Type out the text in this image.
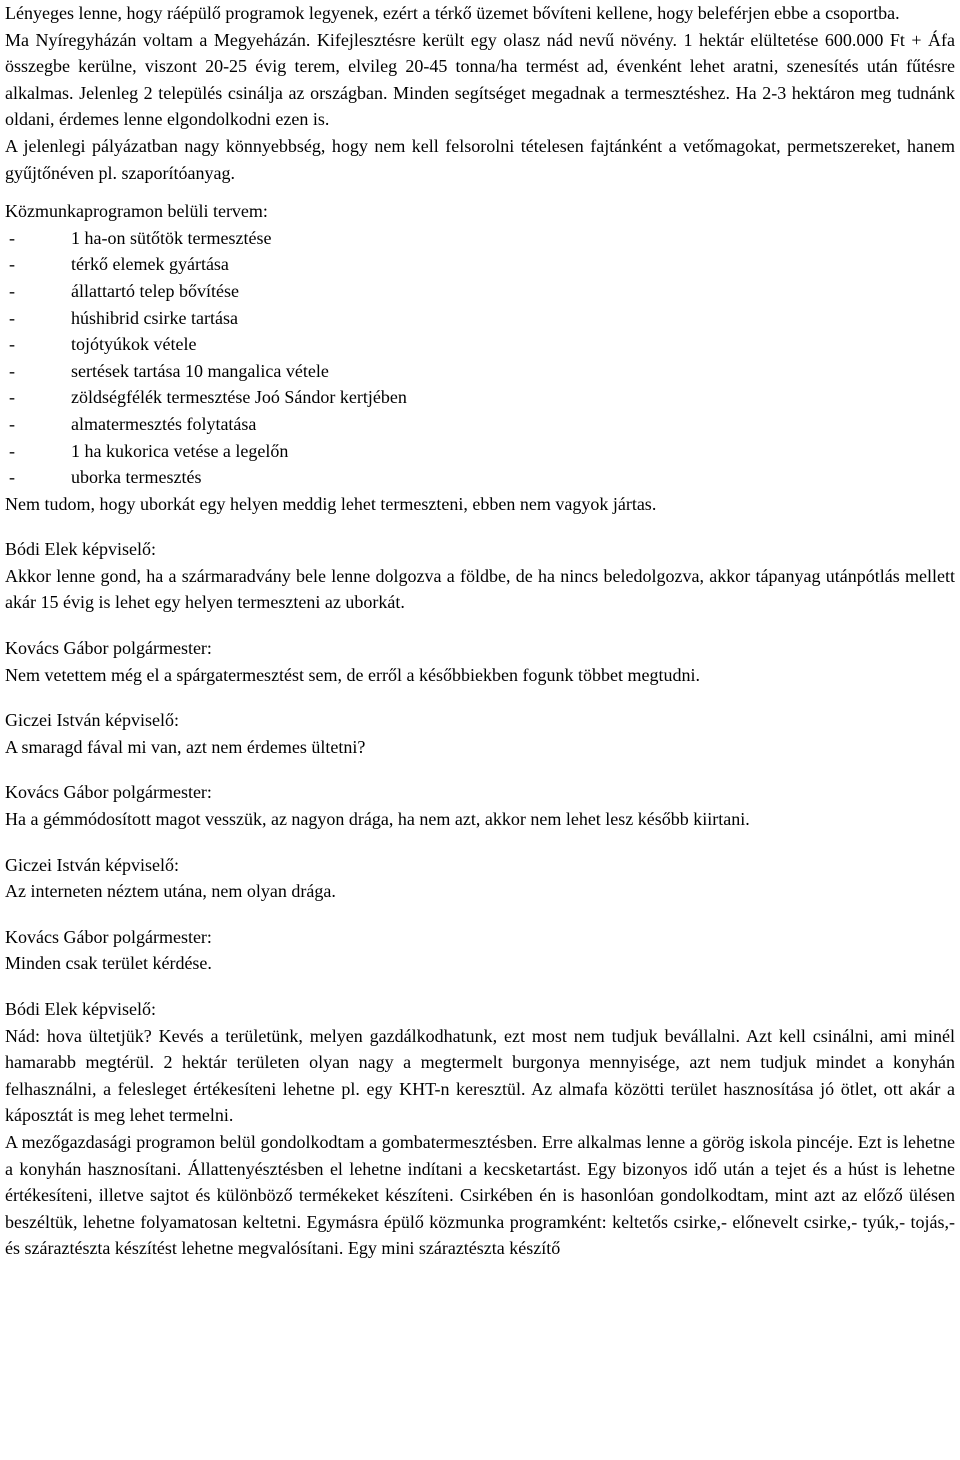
Lényeges lenne, hogy ráépülő programok legyenek, ezért a térkő üzemet bővíteni kellene, hogy beleférjen ebbe a csoportba.

Ma Nyíregyházán voltam a Megyeházán. Kifejlesztésre került egy olasz nád nevű növény. 1 hektár elültetése 600.000 Ft + Áfa összegbe kerülne, viszont 20-25 évig terem, elvileg 20-45 tonna/ha termést ad, évenként lehet aratni, szenesítés után fűtésre alkalmas. Jelenleg 2 település csinálja az országban. Minden segítséget megadnak a termesztéshez. Ha 2-3 hektáron meg tudnánk oldani, érdemes lenne elgondolkodni ezen is.

A jelenlegi pályázatban nagy könnyebbség, hogy nem kell felsorolni tételesen fajtánként a vetőmagokat, permetszereket, hanem gyűjtőnéven pl. szaporítóanyag.

Közmunkaprogramon belüli tervem:

-	1 ha-on sütőtök termesztése
-	térkő elemek gyártása
-	állattartó telep bővítése
-	húshibrid csirke tartása
-	tojótyúkok vétele
-	sertések tartása 10 mangalica vétele
-	zöldségfélék termesztése Joó Sándor kertjében
-	almatermesztés folytatása
-	1 ha kukorica vetése a legelőn
-	uborka termesztés

Nem tudom, hogy uborkát egy helyen meddig lehet termeszteni, ebben nem vagyok jártas.

Bódi Elek képviselő:

Akkor lenne gond, ha a szármaradvány bele lenne dolgozva a földbe, de ha nincs beledolgozva, akkor tápanyag utánpótlás mellett akár 15 évig is lehet egy helyen termeszteni az uborkát.

Kovács Gábor polgármester:

Nem vetettem még el a spárgatermesztést sem, de erről a későbbiekben fogunk többet megtudni.

Giczei István képviselő:

A smaragd fával mi van, azt nem érdemes ültetni?

Kovács Gábor polgármester:

Ha a gémmódosított magot vesszük, az nagyon drága, ha nem azt, akkor nem lehet lesz később kiirtani.

Giczei István képviselő:

Az interneten néztem utána, nem olyan drága.

Kovács Gábor polgármester:

Minden csak terület kérdése.

Bódi Elek képviselő:

Nád: hova ültetjük? Kevés a területünk, melyen gazdálkodhatunk, ezt most nem tudjuk bevállalni. Azt kell csinálni, ami minél hamarabb megtérül. 2 hektár területen olyan nagy a megtermelt burgonya mennyisége, azt nem tudjuk mindet a konyhán felhasználni, a felesleget értékesíteni lehetne pl. egy KHT-n keresztül. Az almafa közötti terület hasznosítása jó ötlet, ott akár a káposztát is meg lehet termelni.

A mezőgazdasági programon belül gondolkodtam a gombatermesztésben. Erre alkalmas lenne a görög iskola pincéje. Ezt is lehetne a konyhán hasznosítani. Állattenyésztésben el lehetne indítani a kecsketartást. Egy bizonyos idő után a tejet és a húst is lehetne értékesíteni, illetve sajtot és különböző termékeket készíteni. Csirkében én is hasonlóan gondolkodtam, mint azt az előző ülésen beszéltük, lehetne folyamatosan keltetni. Egymásra épülő közmunka programként: keltetős csirke,- előnevelt csirke,- tyúk,- tojás,- és száraztészta készítést lehetne megvalósítani. Egy mini száraztészta készítő
